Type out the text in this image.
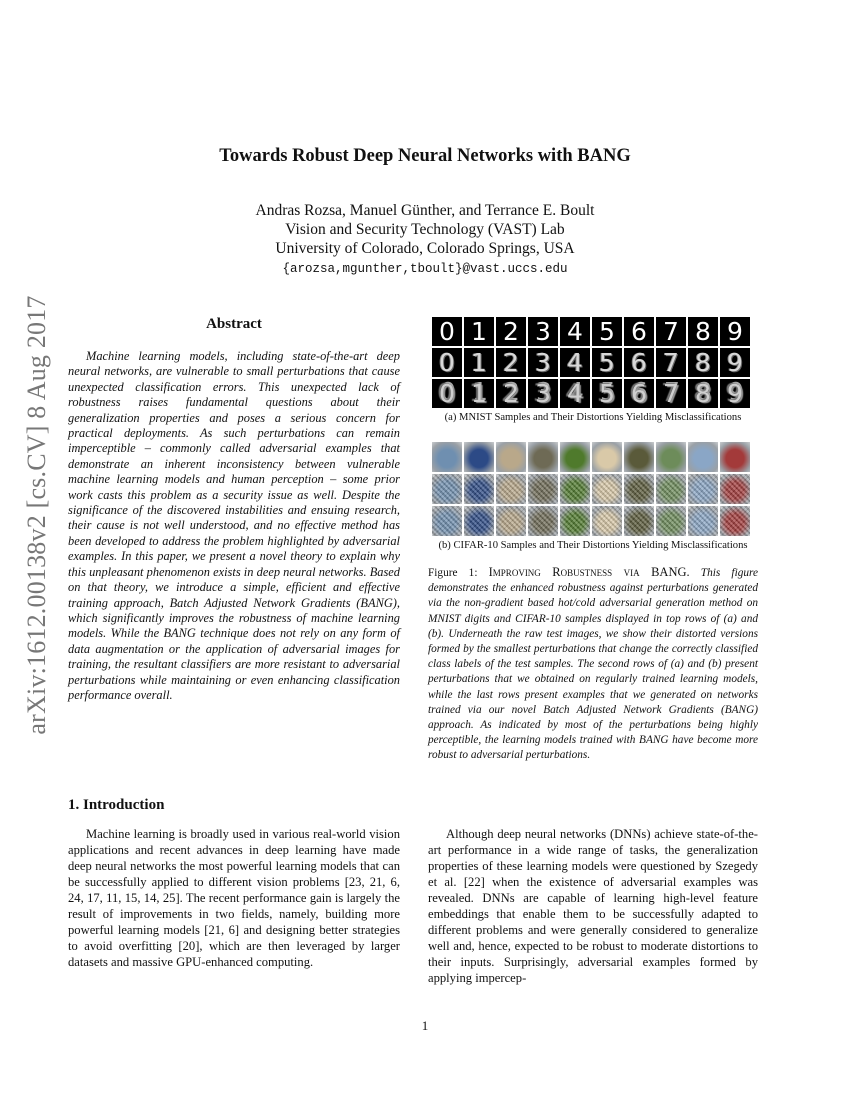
arXiv:1612.00138v2 [cs.CV] 8 Aug 2017
Towards Robust Deep Neural Networks with BANG
Andras Rozsa, Manuel Günther, and Terrance E. Boult
Vision and Security Technology (VAST) Lab
University of Colorado, Colorado Springs, USA
{arozsa,mgunther,tboult}@vast.uccs.edu
Abstract

Machine learning models, including state-of-the-art deep neural networks, are vulnerable to small perturbations that cause unexpected classification errors. This unexpected lack of robustness raises fundamental questions about their generalization properties and poses a serious concern for practical deployments. As such perturbations can remain imperceptible – commonly called adversarial examples that demonstrate an inherent inconsistency between vulnerable machine learning models and human perception – some prior work casts this problem as a security issue as well. Despite the significance of the discovered instabilities and ensuing research, their cause is not well understood, and no effective method has been developed to address the problem highlighted by adversarial examples. In this paper, we present a novel theory to explain why this unpleasant phenomenon exists in deep neural networks. Based on that theory, we introduce a simple, efficient and effective training approach, Batch Adjusted Network Gradients (BANG), which significantly improves the robustness of machine learning models. While the BANG technique does not rely on any form of data augmentation or the application of adversarial images for training, the resultant classifiers are more resistant to adversarial perturbations while maintaining or even enhancing classification performance overall.

0 1 2 3 4 5 6 7 8 9
0 1 2 3 4 5 6 7 8 9
0 1 2 3 4 5 6 7 8 9
(a) MNIST Samples and Their Distortions Yielding Misclassifications
(b) CIFAR-10 Samples and Their Distortions Yielding Misclassifications
Figure 1: Improving Robustness via BANG. This figure demonstrates the enhanced robustness against perturbations generated via the non-gradient based hot/cold adversarial generation method on MNIST digits and CIFAR-10 samples displayed in top rows of (a) and (b). Underneath the raw test images, we show their distorted versions formed by the smallest perturbations that change the correctly classified class labels of the test samples. The second rows of (a) and (b) present perturbations that we obtained on regularly trained learning models, while the last rows present examples that we generated on networks trained via our novel Batch Adjusted Network Gradients (BANG) approach. As indicated by most of the perturbations being highly perceptible, the learning models trained with BANG have become more robust to adversarial perturbations.
1. Introduction

Machine learning is broadly used in various real-world vision applications and recent advances in deep learning have made deep neural networks the most powerful learning models that can be successfully applied to different vision problems [23, 21, 6, 24, 17, 11, 15, 14, 25]. The recent performance gain is largely the result of improvements in two fields, namely, building more powerful learning models [21, 6] and designing better strategies to avoid overfitting [20], which are then leveraged by larger datasets and massive GPU-enhanced computing.

Although deep neural networks (DNNs) achieve state-of-the-art performance in a wide range of tasks, the generalization properties of these learning models were questioned by Szegedy et al. [22] when the existence of adversarial examples was revealed. DNNs are capable of learning high-level feature embeddings that enable them to be successfully adapted to different problems and were generally considered to generalize well and, hence, expected to be robust to moderate distortions to their inputs. Surprisingly, adversarial examples formed by applying impercep-

1
